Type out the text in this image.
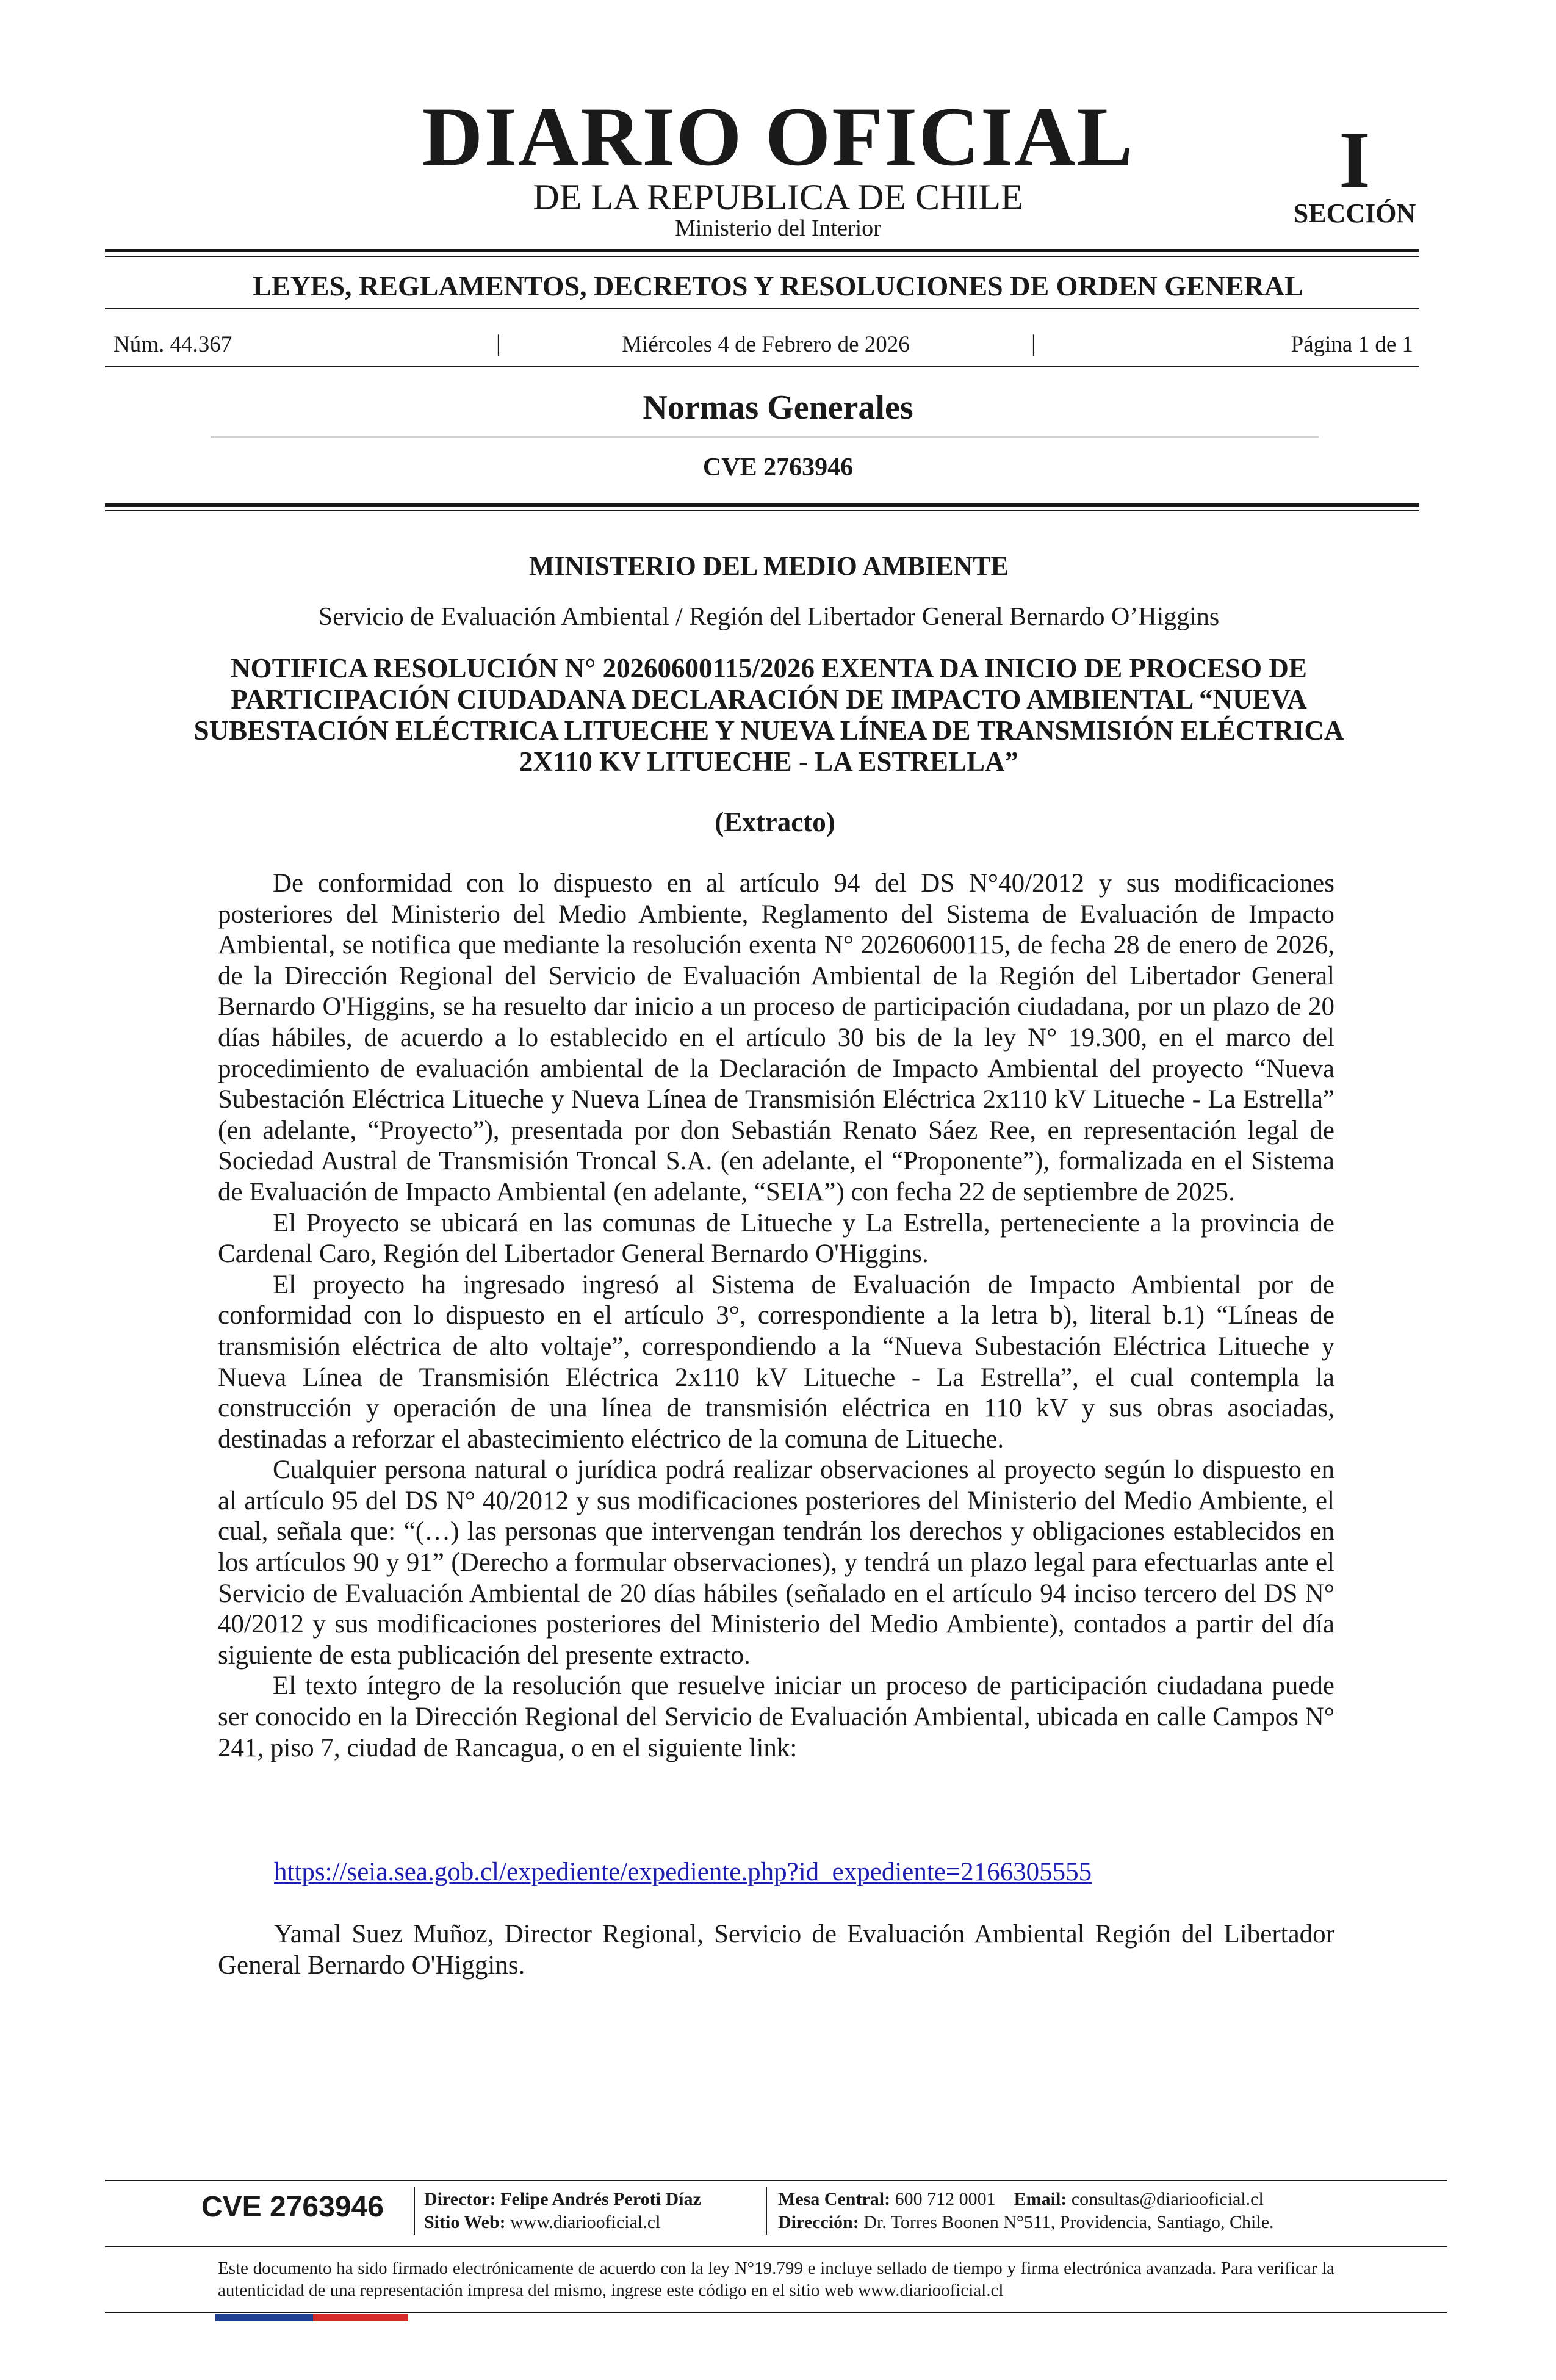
DIARIO OFICIAL
DE LA REPUBLICA DE CHILE
Ministerio del Interior
I
SECCIÓN
LEYES, REGLAMENTOS, DECRETOS Y RESOLUCIONES DE ORDEN GENERAL
Núm. 44.367	|	Miércoles 4 de Febrero de 2026	|	Página 1 de 1
Normas Generales
CVE 2763946
MINISTERIO DEL MEDIO AMBIENTE
Servicio de Evaluación Ambiental / Región del Libertador General Bernardo O’Higgins
NOTIFICA RESOLUCIÓN N° 20260600115/2026 EXENTA DA INICIO DE PROCESO DE PARTICIPACIÓN CIUDADANA DECLARACIÓN DE IMPACTO AMBIENTAL “NUEVA SUBESTACIÓN ELÉCTRICA LITUECHE Y NUEVA LÍNEA DE TRANSMISIÓN ELÉCTRICA 2X110 KV LITUECHE - LA ESTRELLA”
(Extracto)

De conformidad con lo dispuesto en al artículo 94 del DS N°40/2012 y sus modificaciones posteriores del Ministerio del Medio Ambiente, Reglamento del Sistema de Evaluación de Impacto Ambiental, se notifica que mediante la resolución exenta N° 20260600115, de fecha 28 de enero de 2026, de la Dirección Regional del Servicio de Evaluación Ambiental de la Región del Libertador General Bernardo O'Higgins, se ha resuelto dar inicio a un proceso de participación ciudadana, por un plazo de 20 días hábiles, de acuerdo a lo establecido en el artículo 30 bis de la ley N° 19.300, en el marco del procedimiento de evaluación ambiental de la Declaración de Impacto Ambiental del proyecto “Nueva Subestación Eléctrica Litueche y Nueva Línea de Transmisión Eléctrica 2x110 kV Litueche - La Estrella” (en adelante, “Proyecto”), presentada por don Sebastián Renato Sáez Ree, en representación legal de Sociedad Austral de Transmisión Troncal S.A. (en adelante, el “Proponente”), formalizada en el Sistema de Evaluación de Impacto Ambiental (en adelante, “SEIA”) con fecha 22 de septiembre de 2025.

El Proyecto se ubicará en las comunas de Litueche y La Estrella, perteneciente a la provincia de Cardenal Caro, Región del Libertador General Bernardo O'Higgins.

El proyecto ha ingresado ingresó al Sistema de Evaluación de Impacto Ambiental por de conformidad con lo dispuesto en el artículo 3°, correspondiente a la letra b), literal b.1) “Líneas de transmisión eléctrica de alto voltaje”, correspondiendo a la “Nueva Subestación Eléctrica Litueche y Nueva Línea de Transmisión Eléctrica 2x110 kV Litueche - La Estrella”, el cual contempla la construcción y operación de una línea de transmisión eléctrica en 110 kV y sus obras asociadas, destinadas a reforzar el abastecimiento eléctrico de la comuna de Litueche.

Cualquier persona natural o jurídica podrá realizar observaciones al proyecto según lo dispuesto en al artículo 95 del DS N° 40/2012 y sus modificaciones posteriores del Ministerio del Medio Ambiente, el cual, señala que: “(…) las personas que intervengan tendrán los derechos y obligaciones establecidos en los artículos 90 y 91” (Derecho a formular observaciones), y tendrá un plazo legal para efectuarlas ante el Servicio de Evaluación Ambiental de 20 días hábiles (señalado en el artículo 94 inciso tercero del DS N° 40/2012 y sus modificaciones posteriores del Ministerio del Medio Ambiente), contados a partir del día siguiente de esta publicación del presente extracto.

El texto íntegro de la resolución que resuelve iniciar un proceso de participación ciudadana puede ser conocido en la Dirección Regional del Servicio de Evaluación Ambiental, ubicada en calle Campos N° 241, piso 7, ciudad de Rancagua, o en el siguiente link:

https://seia.sea.gob.cl/expediente/expediente.php?id_expediente=2166305555
Yamal Suez Muñoz, Director Regional, Servicio de Evaluación Ambiental Región del Libertador General Bernardo O'Higgins.
CVE 2763946	Director: Felipe Andrés Peroti Díaz
Sitio Web: www.diariooficial.cl
Mesa Central: 600 712 0001 Email: consultas@diariooficial.cl
Dirección: Dr. Torres Boonen N°511, Providencia, Santiago, Chile.
Este documento ha sido firmado electrónicamente de acuerdo con la ley N°19.799 e incluye sellado de tiempo y firma electrónica avanzada. Para verificar la autenticidad de una representación impresa del mismo, ingrese este código en el sitio web www.diariooficial.cl
